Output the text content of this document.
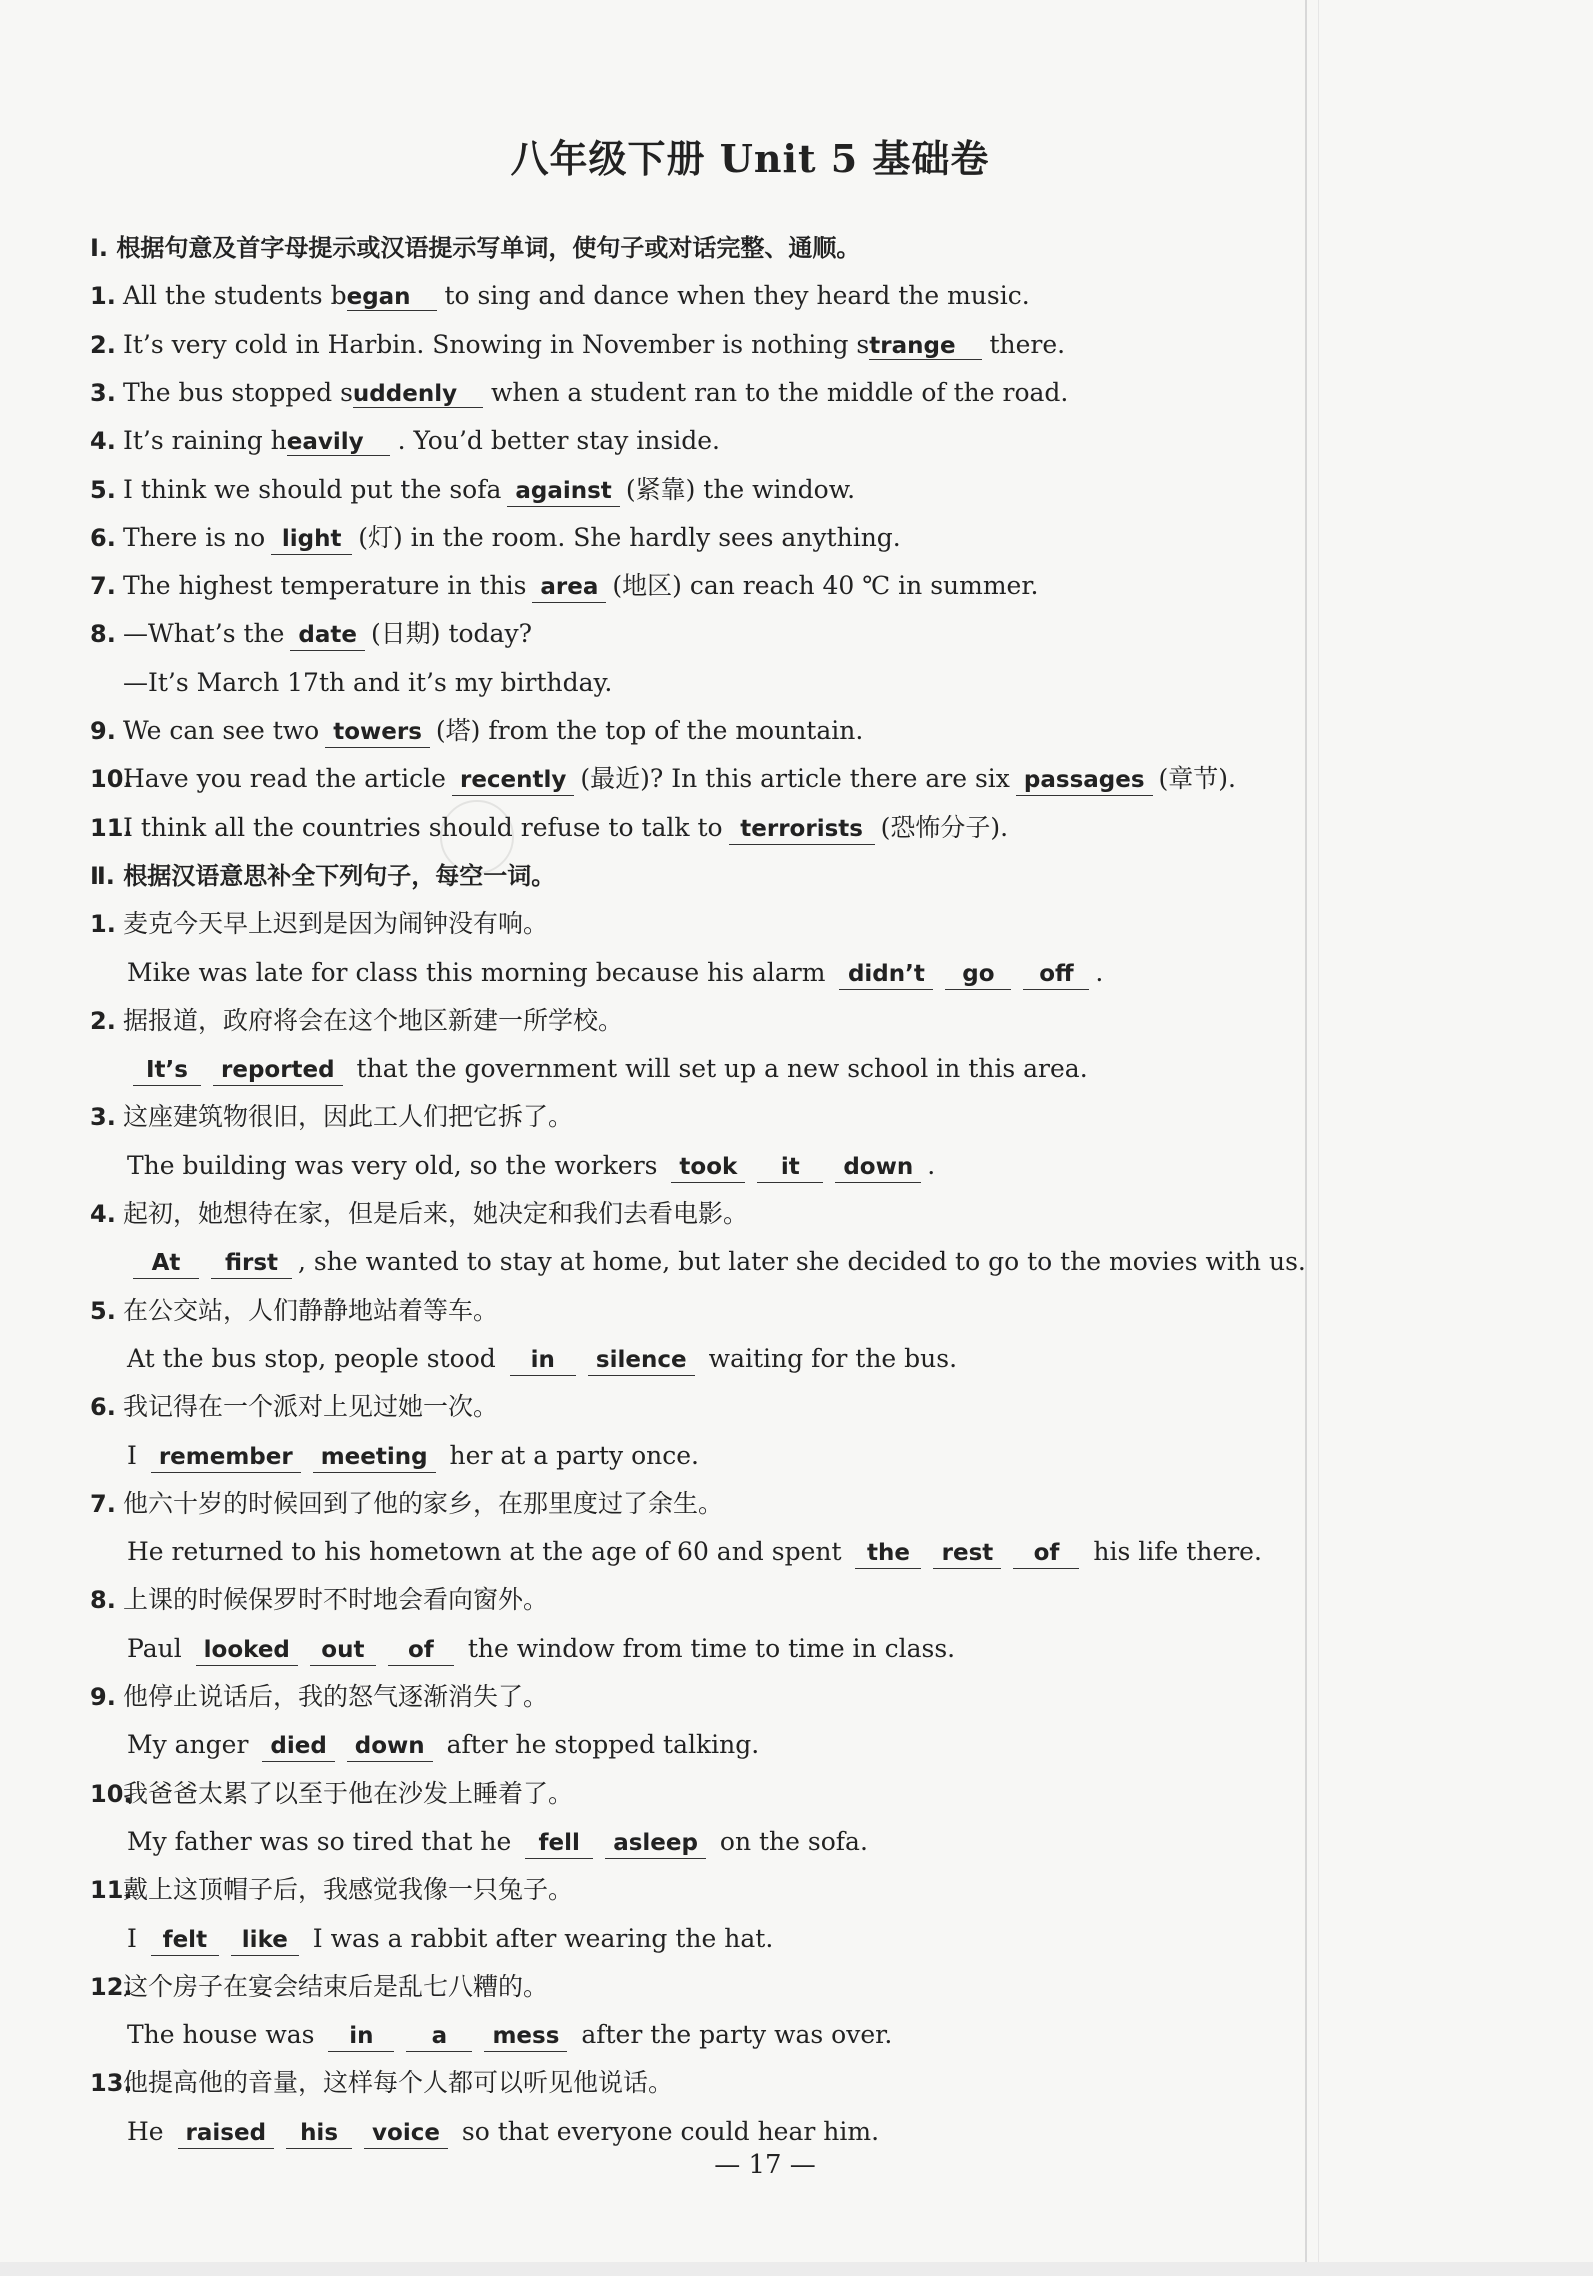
八年级下册 Unit 5 基础卷
Ⅰ. 根据句意及首字母提示或汉语提示写单词，使句子或对话完整、通顺。
1. All the students began to sing and dance when they heard the music.
2. It’s very cold in Harbin. Snowing in November is nothing strange there.
3. The bus stopped suddenly when a student ran to the middle of the road.
4. It’s raining heavily . You’d better stay inside.
5. I think we should put the sofa against (紧靠) the window.
6. There is no light (灯) in the room. She hardly sees anything.
7. The highest temperature in this area (地区) can reach 40 ℃ in summer.
8. —What’s the date (日期) today?
—It’s March 17th and it’s my birthday.
9. We can see two towers (塔) from the top of the mountain.
10.
Have you read the article recently (最近)? In this article there are six passages (章节).
11.
I think all the countries should refuse to talk to terrorists (恐怖分子).
Ⅱ. 根据汉语意思补全下列句子，每空一词。
1. 麦克今天早上迟到是因为闹钟没有响。
Mike was late for class this morning because his alarm didn’t go off .
2. 据报道，政府将会在这个地区新建一所学校。
It’s reported that the government will set up a new school in this area.
3. 这座建筑物很旧，因此工人们把它拆了。
The building was very old, so the workers took it down .
4. 起初，她想待在家，但是后来，她决定和我们去看电影。
At first , she wanted to stay at home, but later she decided to go to the movies with us.
5. 在公交站，人们静静地站着等车。
At the bus stop, people stood in silence waiting for the bus.
6. 我记得在一个派对上见过她一次。
I remember meeting her at a party once.
7. 他六十岁的时候回到了他的家乡，在那里度过了余生。
He returned to his hometown at the age of 60 and spent the rest of his life there.
8. 上课的时候保罗时不时地会看向窗外。
Paul looked out of the window from time to time in class.
9. 他停止说话后，我的怒气逐渐消失了。
My anger died down after he stopped talking.
10.
我爸爸太累了以至于他在沙发上睡着了。
My father was so tired that he fell asleep on the sofa.
11.
戴上这顶帽子后，我感觉我像一只兔子。
I felt like I was a rabbit after wearing the hat.
12.
这个房子在宴会结束后是乱七八糟的。
The house was in	a mess after the party was over.
13.
他提高他的音量，这样每个人都可以听见他说话。
He raised his voice so that everyone could hear him.
— 17 —
